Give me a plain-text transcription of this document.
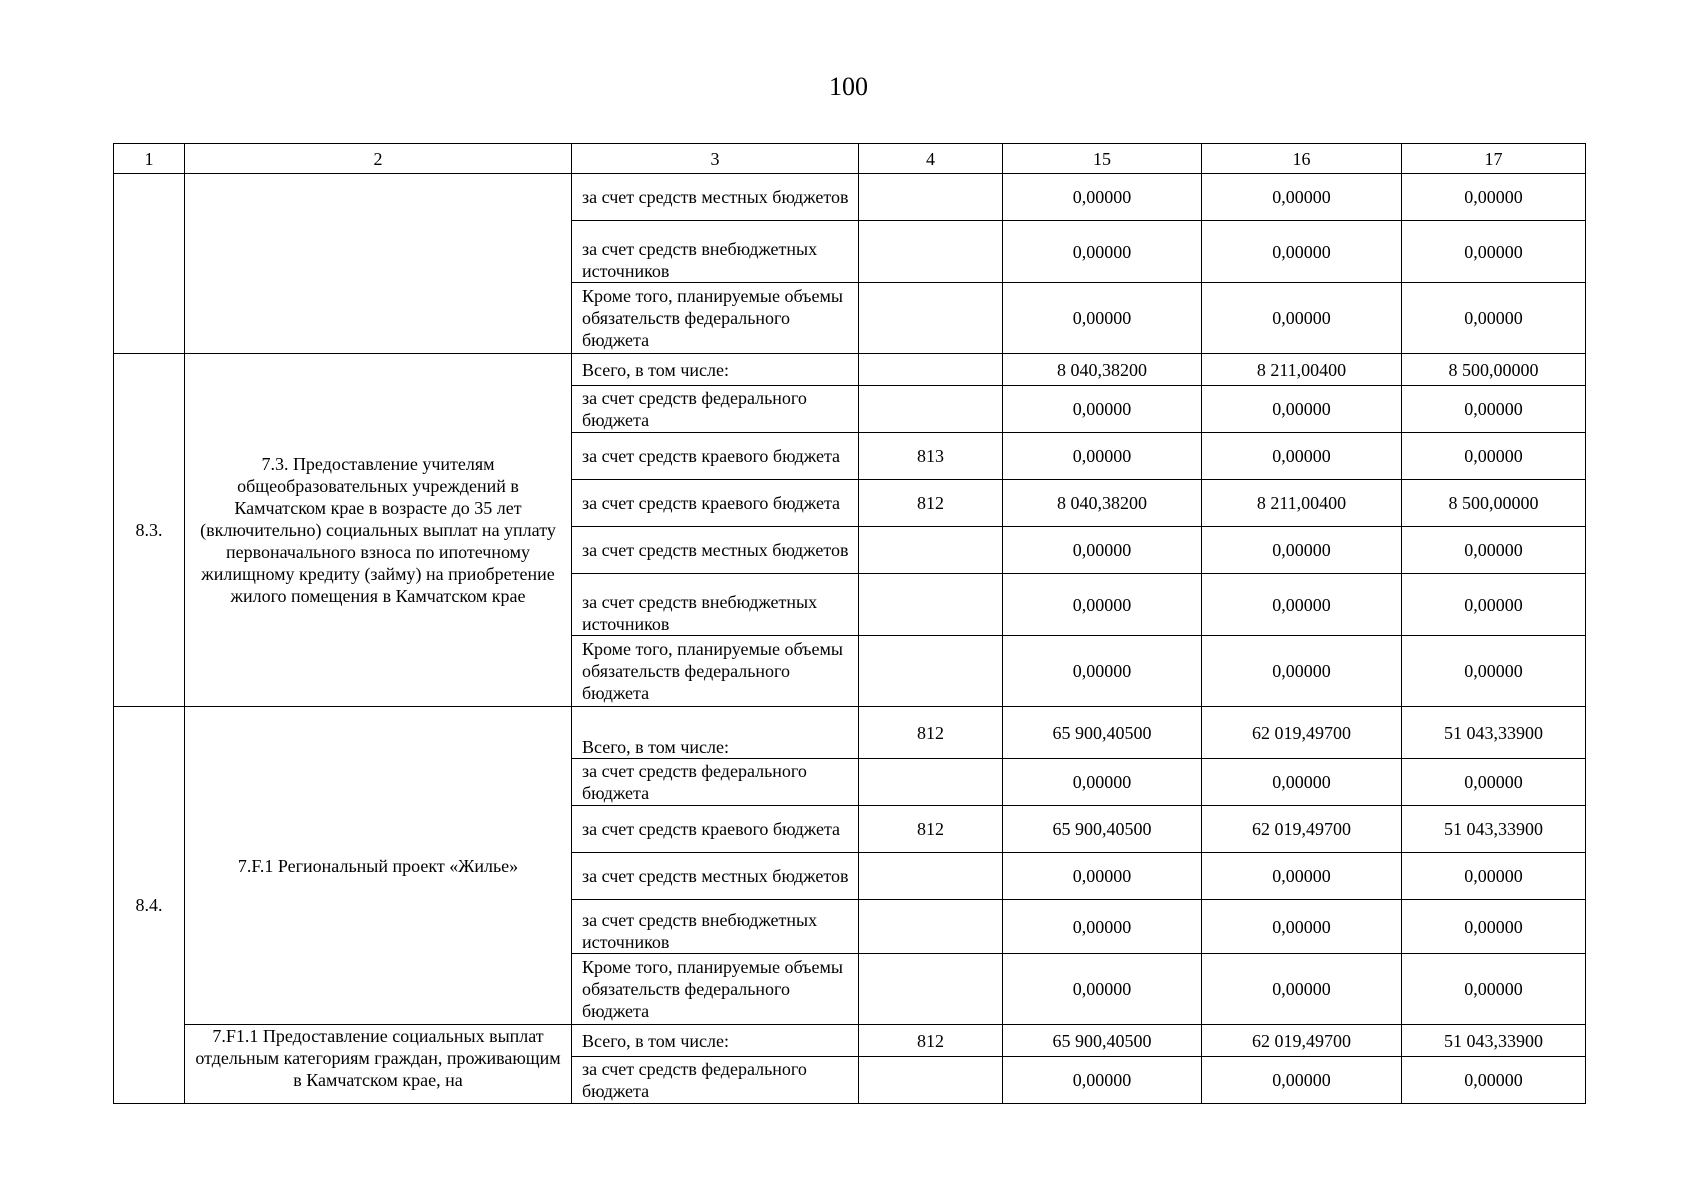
100
1	2	3	4	15	16	17
		за счет средств местных бюджетов		0,00000	0,00000	0,00000
		за счет средств внебюджетных источников		0,00000	0,00000	0,00000
		Кроме того, планируемые объемы обязательств федерального бюджета		0,00000	0,00000	0,00000
8.3.	7.3. Предоставление учителям общеобразовательных учреждений в Камчатском крае в возрасте до 35 лет (включительно) социальных выплат на уплату первоначального взноса по ипотечному жилищному кредиту (займу) на приобретение жилого помещения в Камчатском крае	Всего, в том числе:		8 040,38200	8 211,00400	8 500,00000
		за счет средств федерального бюджета		0,00000	0,00000	0,00000
		за счет средств краевого бюджета	813	0,00000	0,00000	0,00000
		за счет средств краевого бюджета	812	8 040,38200	8 211,00400	8 500,00000
		за счет средств местных бюджетов		0,00000	0,00000	0,00000
		за счет средств внебюджетных источников		0,00000	0,00000	0,00000
		Кроме того, планируемые объемы обязательств федерального бюджета		0,00000	0,00000	0,00000
8.4.	7.F.1 Региональный проект «Жилье»	Всего, в том числе:	812	65 900,40500	62 019,49700	51 043,33900
		за счет средств федерального бюджета		0,00000	0,00000	0,00000
		за счет средств краевого бюджета	812	65 900,40500	62 019,49700	51 043,33900
		за счет средств местных бюджетов		0,00000	0,00000	0,00000
		за счет средств внебюджетных источников		0,00000	0,00000	0,00000
		Кроме того, планируемые объемы обязательств федерального бюджета		0,00000	0,00000	0,00000
	7.F1.1 Предоставление социальных выплат отдельным категориям граждан, проживающим в Камчатском крае, на	Всего, в том числе:	812	65 900,40500	62 019,49700	51 043,33900
		за счет средств федерального бюджета		0,00000	0,00000	0,00000
